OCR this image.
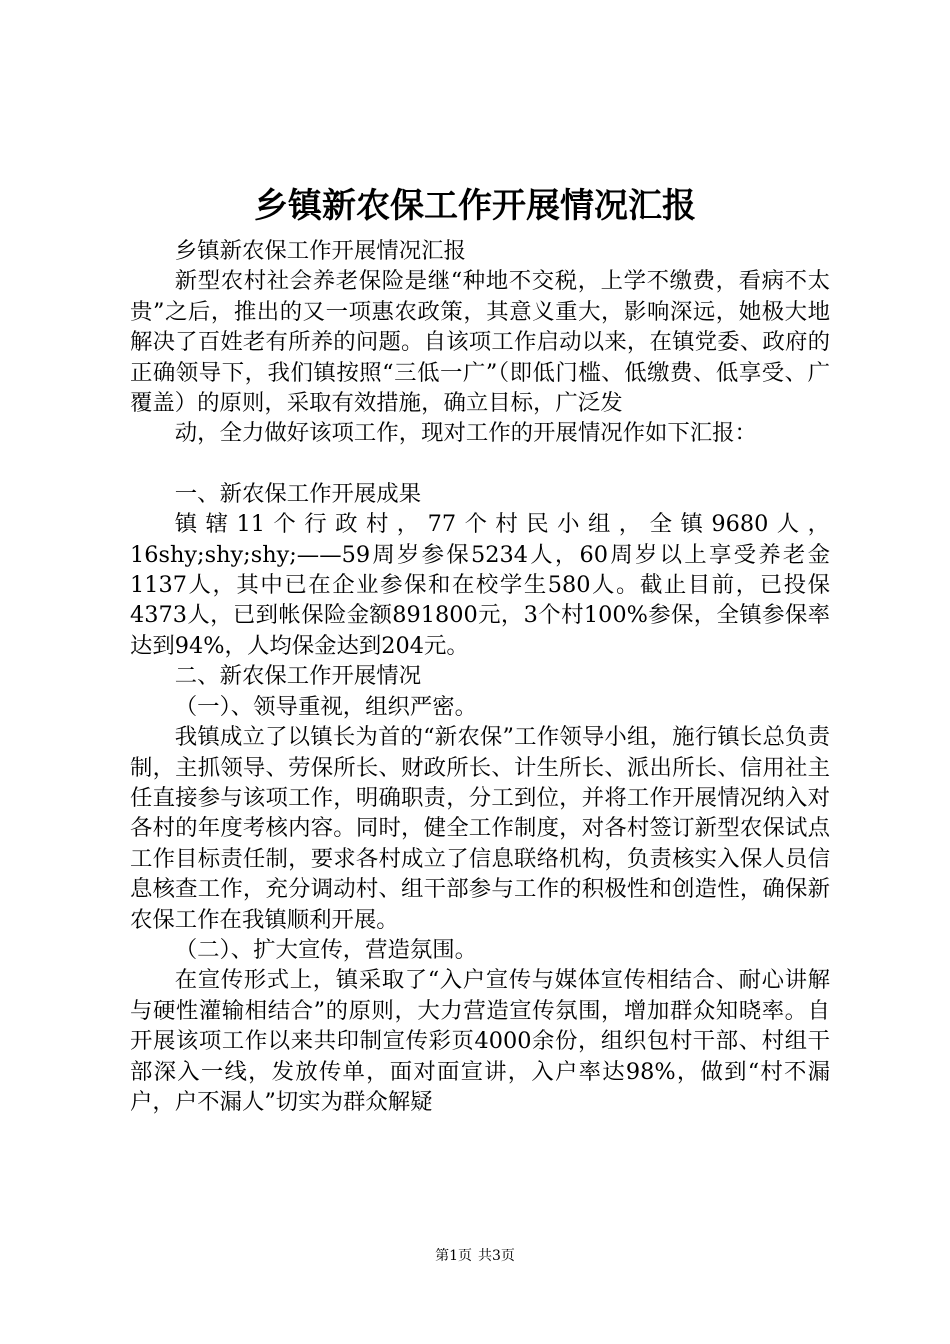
乡镇新农保工作开展情况汇报

乡镇新农保工作开展情况汇报

新型农村社会养老保险是继“种地不交税，上学不缴费，看病不太贵”之后，推出的又一项惠农政策，其意义重大，影响深远，她极大地解决了百姓老有所养的问题。自该项工作启动以来，在镇党委、政府的正确领导下，我们镇按照“三低一广”（即低门槛、低缴费、低享受、广覆盖）的原则，采取有效措施，确立目标，广泛发

动，全力做好该项工作，现对工作的开展情况作如下汇报：

一、新农保工作开展成果

镇辖11个行政村，77个村民小组，全镇9680人，16shy;shy;shy;——59周岁参保5234人，60周岁以上享受养老金1137人，其中已在企业参保和在校学生580人。截止目前，已投保4373人，已到帐保险金额891800元，3个村100%参保，全镇参保率达到94%，人均保金达到204元。

二、新农保工作开展情况

（一）、领导重视，组织严密。

我镇成立了以镇长为首的“新农保”工作领导小组，施行镇长总负责制，主抓领导、劳保所长、财政所长、计生所长、派出所长、信用社主任直接参与该项工作，明确职责，分工到位，并将工作开展情况纳入对各村的年度考核内容。同时，健全工作制度，对各村签订新型农保试点工作目标责任制，要求各村成立了信息联络机构，负责核实入保人员信息核查工作，充分调动村、组干部参与工作的积极性和创造性，确保新农保工作在我镇顺利开展。

（二）、扩大宣传，营造氛围。

在宣传形式上，镇采取了“入户宣传与媒体宣传相结合、耐心讲解与硬性灌输相结合”的原则，大力营造宣传氛围，增加群众知晓率。自开展该项工作以来共印制宣传彩页4000余份，组织包村干部、村组干部深入一线，发放传单，面对面宣讲，入户率达98%，做到“村不漏户，户不漏人”切实为群众解疑

第1页 共3页
